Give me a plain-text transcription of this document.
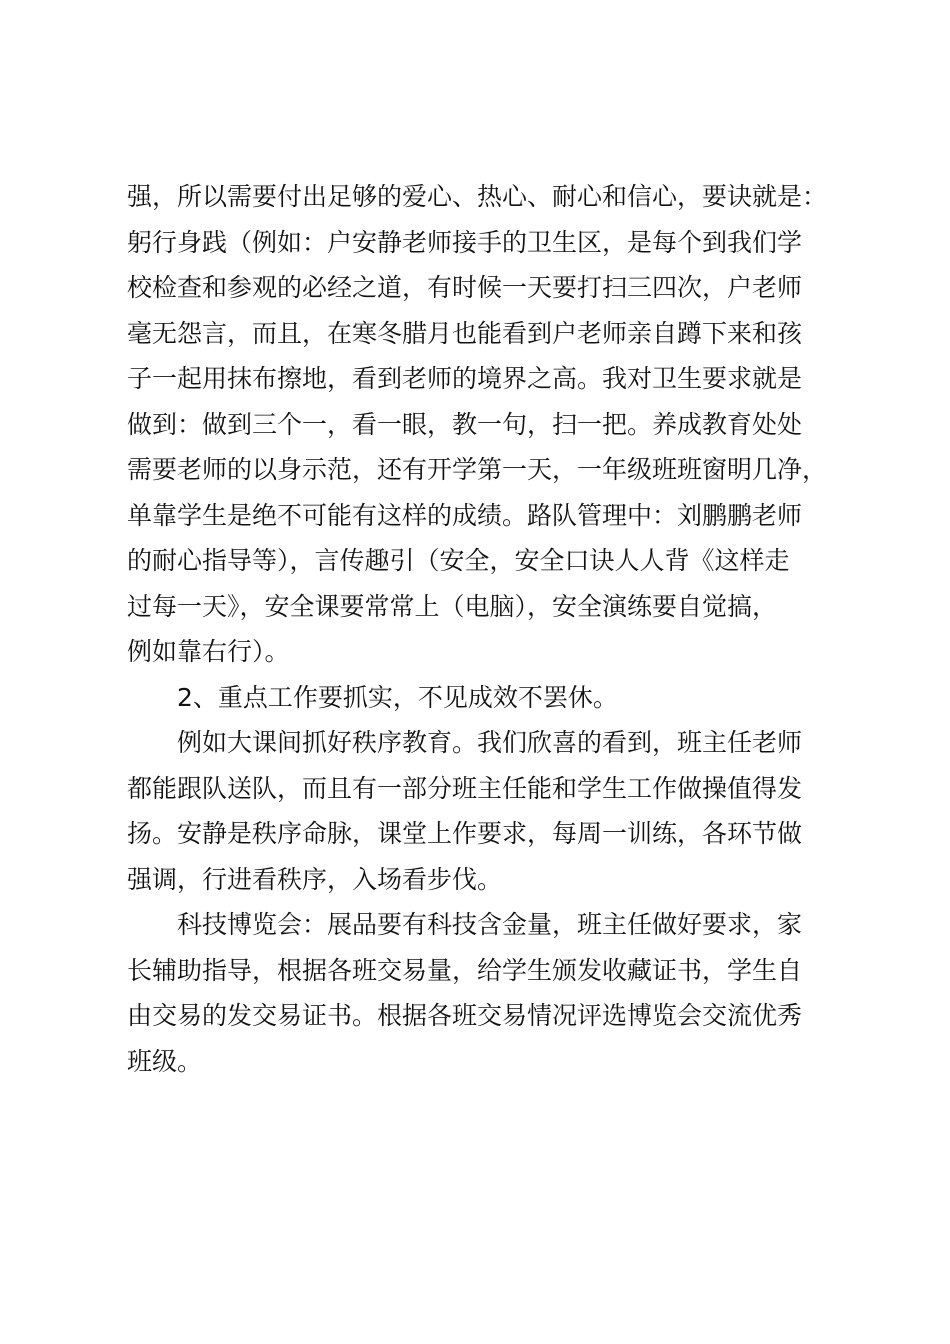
强，所以需要付出足够的爱心、热心、耐心和信心，要诀就是：
躬行身践（例如：户安静老师接手的卫生区，是每个到我们学
校检查和参观的必经之道，有时候一天要打扫三四次，户老师
毫无怨言，而且，在寒冬腊月也能看到户老师亲自蹲下来和孩
子一起用抹布擦地，看到老师的境界之高。我对卫生要求就是
做到：做到三个一，看一眼，教一句，扫一把。养成教育处处
需要老师的以身示范，还有开学第一天，一年级班班窗明几净，
单靠学生是绝不可能有这样的成绩。路队管理中：刘鹏鹏老师
的耐心指导等），言传趣引（安全，安全口诀人人背《这样走
过每一天》，安全课要常常上（电脑），安全演练要自觉搞，
例如靠右行）。
2、重点工作要抓实，不见成效不罢休。
例如大课间抓好秩序教育。我们欣喜的看到，班主任老师
都能跟队送队，而且有一部分班主任能和学生工作做操值得发
扬。安静是秩序命脉，课堂上作要求，每周一训练，各环节做
强调，行进看秩序，入场看步伐。
科技博览会：展品要有科技含金量，班主任做好要求，家
长辅助指导，根据各班交易量，给学生颁发收藏证书，学生自
由交易的发交易证书。根据各班交易情况评选博览会交流优秀
班级。
